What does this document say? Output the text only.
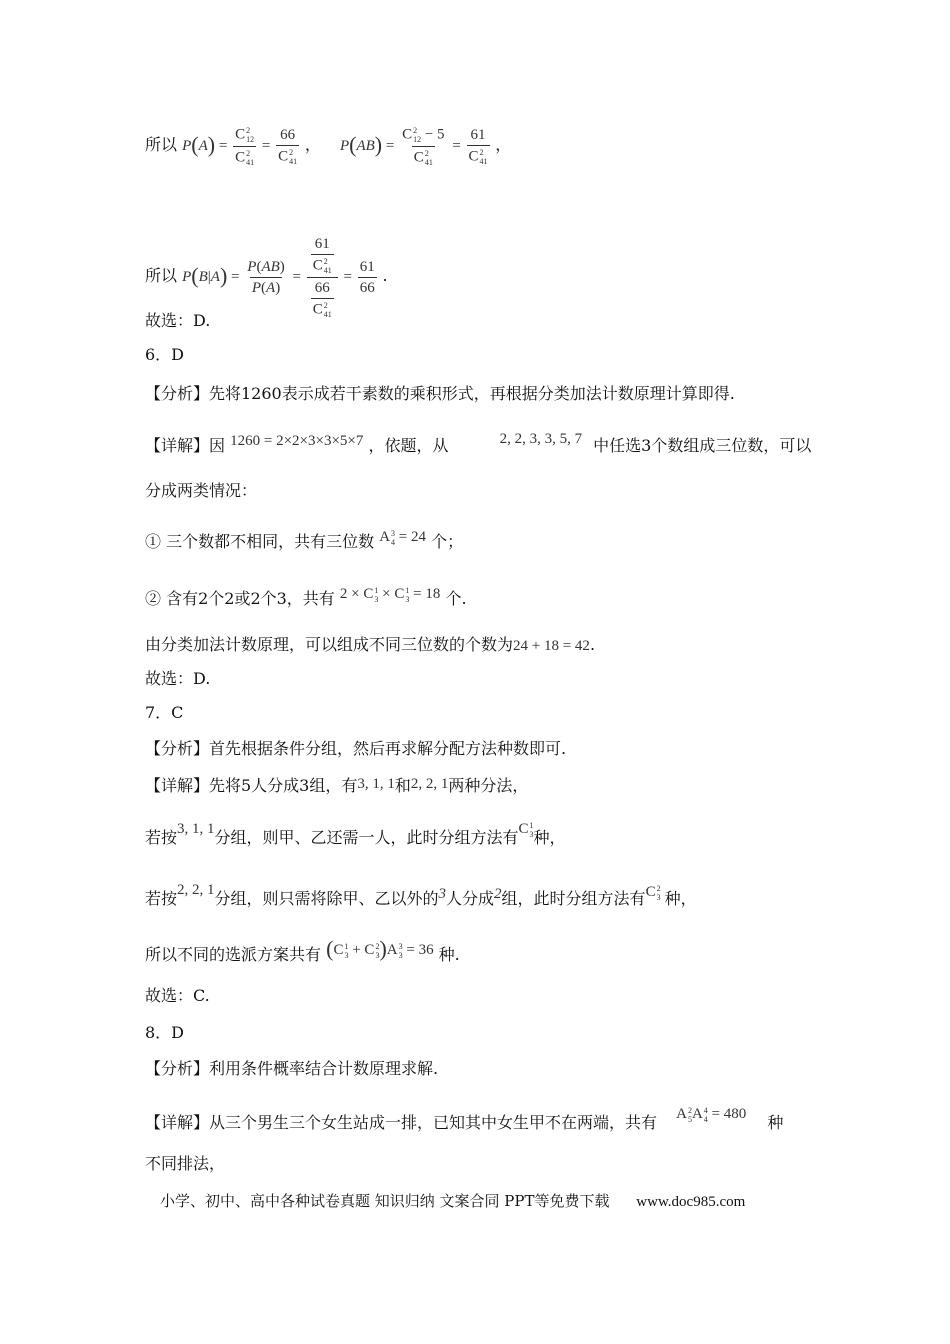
所以 P(A) = C 2
12
C 2
41 = 66
C 2
41 ， P(AB) = C 2
12 − 5
C 2
41 = 61
C 2
41 ，
所以 $P(B|A) = \frac{P(AB)}{P(A)} = 61$
C 2
41
66
C 2
$41 = \frac{61}{66}$ .
故选：D.
6．D
【分析】先将1260表示成若干素数的乘积形式，再根据分类加法计数原理计算即得.
【详解】因 1260 = 2×2×3×3×5×7 ，依题，从	2, 2, 3, 3, 5, 7 中任选3个数组成三位数，可以
分成两类情况：
① 三个数都不相同，共有三位数 A 3
4 = 24 个；
② 含有2个2或2个3，共有 2 × C 1
3 × C 1
3 = 18 个.
由分类加法计数原理，可以组成不同三位数的个数为24 + 18 = 42.
故选：D.
7．C
【分析】首先根据条件分组，然后再求解分配方法种数即可.
【详解】先将5人分成3组，有3, 1, 1和2, 2, 1两种分法，
若按3, 1, 1分组，则甲、乙还需一人，此时分组方法有C 1
3 种，
若按2, 2, 1分组，则只需将除甲、乙以外的3人分成2组，此时分组方法有C 2
3 种，
所以不同的选派方案共有 (C 1
3 + C 2
3 )A 3
3 = 36 种.
故选：C.
8．D
【分析】利用条件概率结合计数原理求解.
【详解】从三个男生三个女生站成一排，已知其中女生甲不在两端，共有 A 2
5 A 4
4 = 480 种
不同排法，
小学、初中、高中各种试卷真题 知识归纳 文案合同 PPT等免费下载 www.doc985.com
